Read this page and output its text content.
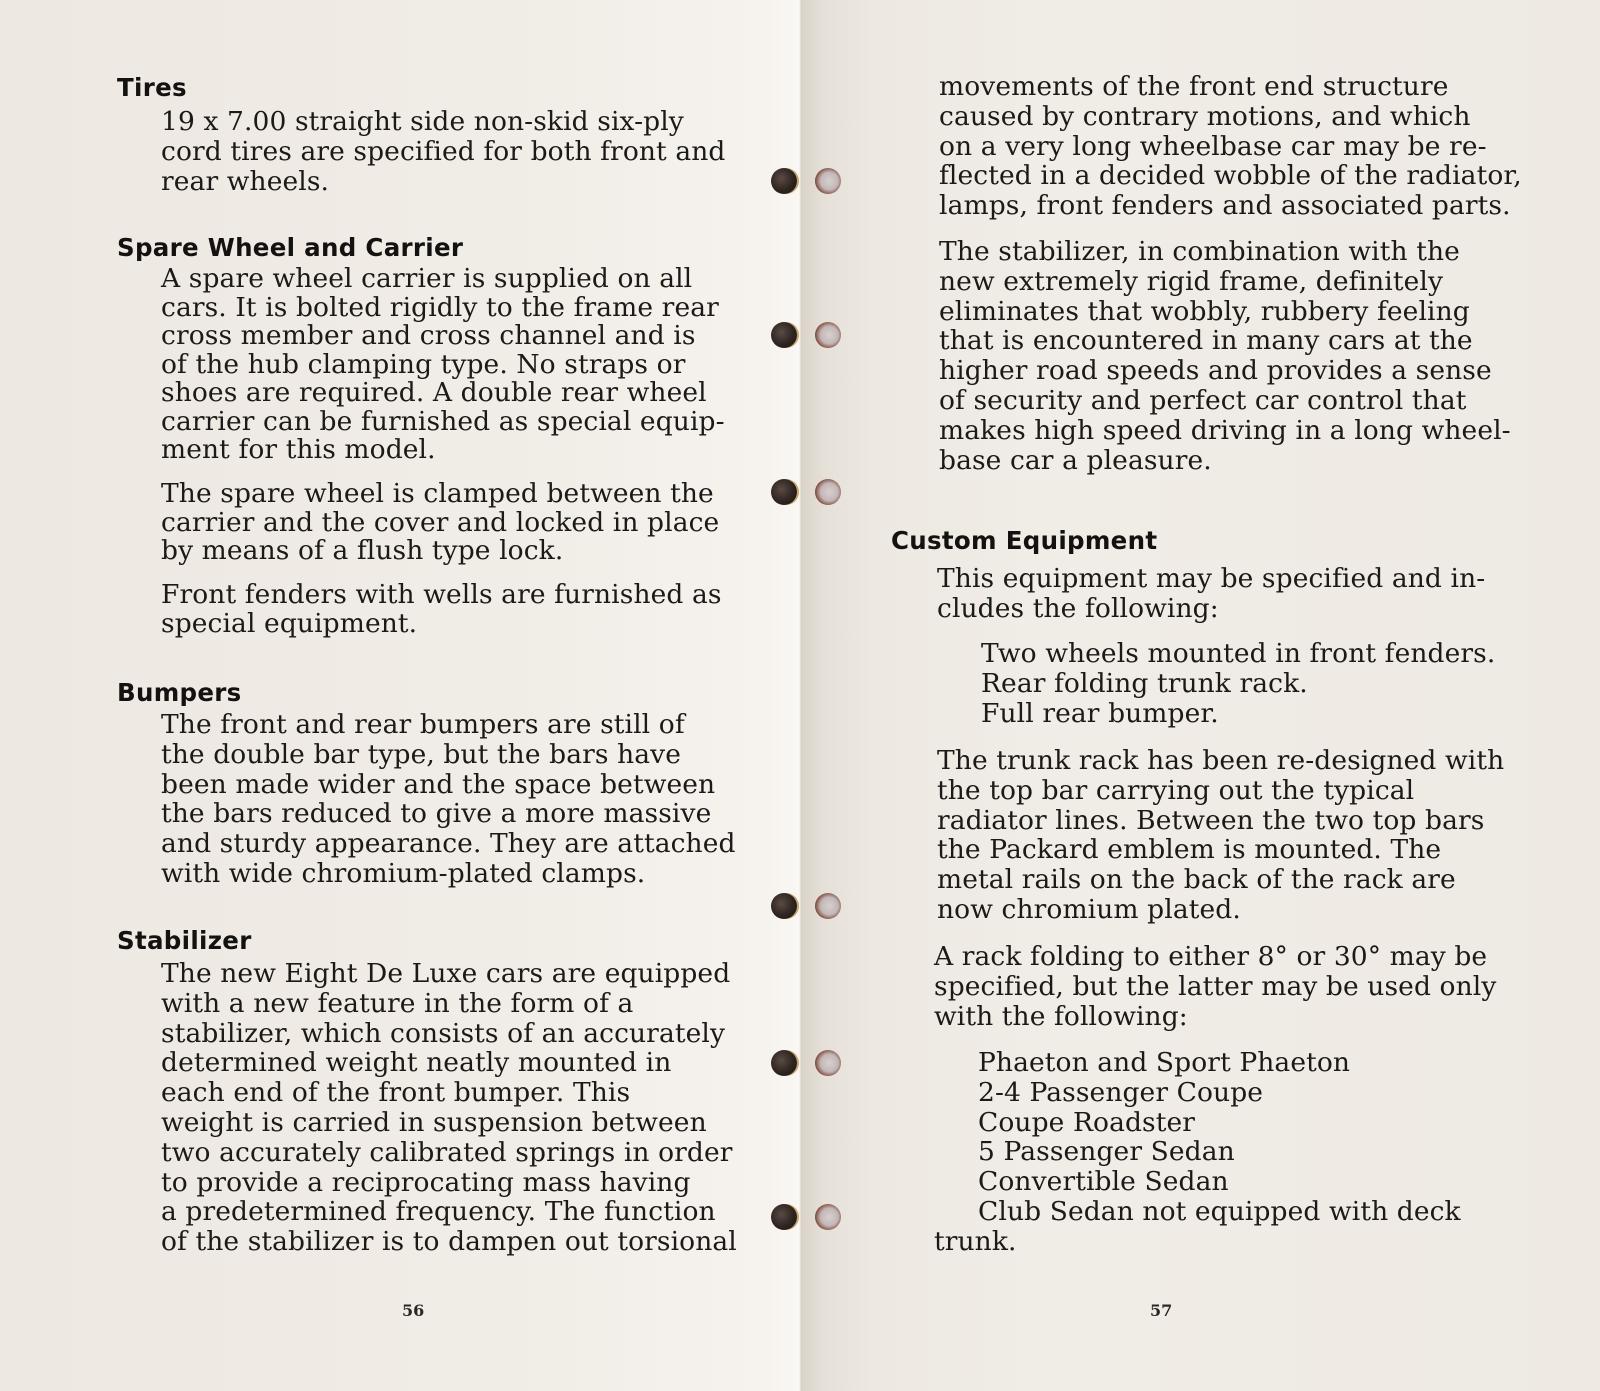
Tires
19 x 7.00 straight side non-skid six-ply
cord tires are specified for both front and
rear wheels.
Spare Wheel and Carrier
A spare wheel carrier is supplied on all
cars. It is bolted rigidly to the frame rear
cross member and cross channel and is
of the hub clamping type. No straps or
shoes are required. A double rear wheel
carrier can be furnished as special equip-
ment for this model.
The spare wheel is clamped between the
carrier and the cover and locked in place
by means of a flush type lock.
Front fenders with wells are furnished as
special equipment.
Bumpers
The front and rear bumpers are still of
the double bar type, but the bars have
been made wider and the space between
the bars reduced to give a more massive
and sturdy appearance. They are attached
with wide chromium-plated clamps.
Stabilizer
The new Eight De Luxe cars are equipped
with a new feature in the form of a
stabilizer, which consists of an accurately
determined weight neatly mounted in
each end of the front bumper. This
weight is carried in suspension between
two accurately calibrated springs in order
to provide a reciprocating mass having
a predetermined frequency. The function
of the stabilizer is to dampen out torsional
56
movements of the front end structure
caused by contrary motions, and which
on a very long wheelbase car may be re-
flected in a decided wobble of the radiator,
lamps, front fenders and associated parts.
The stabilizer, in combination with the
new extremely rigid frame, definitely
eliminates that wobbly, rubbery feeling
that is encountered in many cars at the
higher road speeds and provides a sense
of security and perfect car control that
makes high speed driving in a long wheel-
base car a pleasure.
Custom Equipment
This equipment may be specified and in-
cludes the following:
Two wheels mounted in front fenders.
Rear folding trunk rack.
Full rear bumper.
The trunk rack has been re-designed with
the top bar carrying out the typical
radiator lines. Between the two top bars
the Packard emblem is mounted. The
metal rails on the back of the rack are
now chromium plated.
A rack folding to either 8° or 30° may be
specified, but the latter may be used only
with the following:
Phaeton and Sport Phaeton
2-4 Passenger Coupe
Coupe Roadster
5 Passenger Sedan
Convertible Sedan
Club Sedan not equipped with deck
trunk.
57
